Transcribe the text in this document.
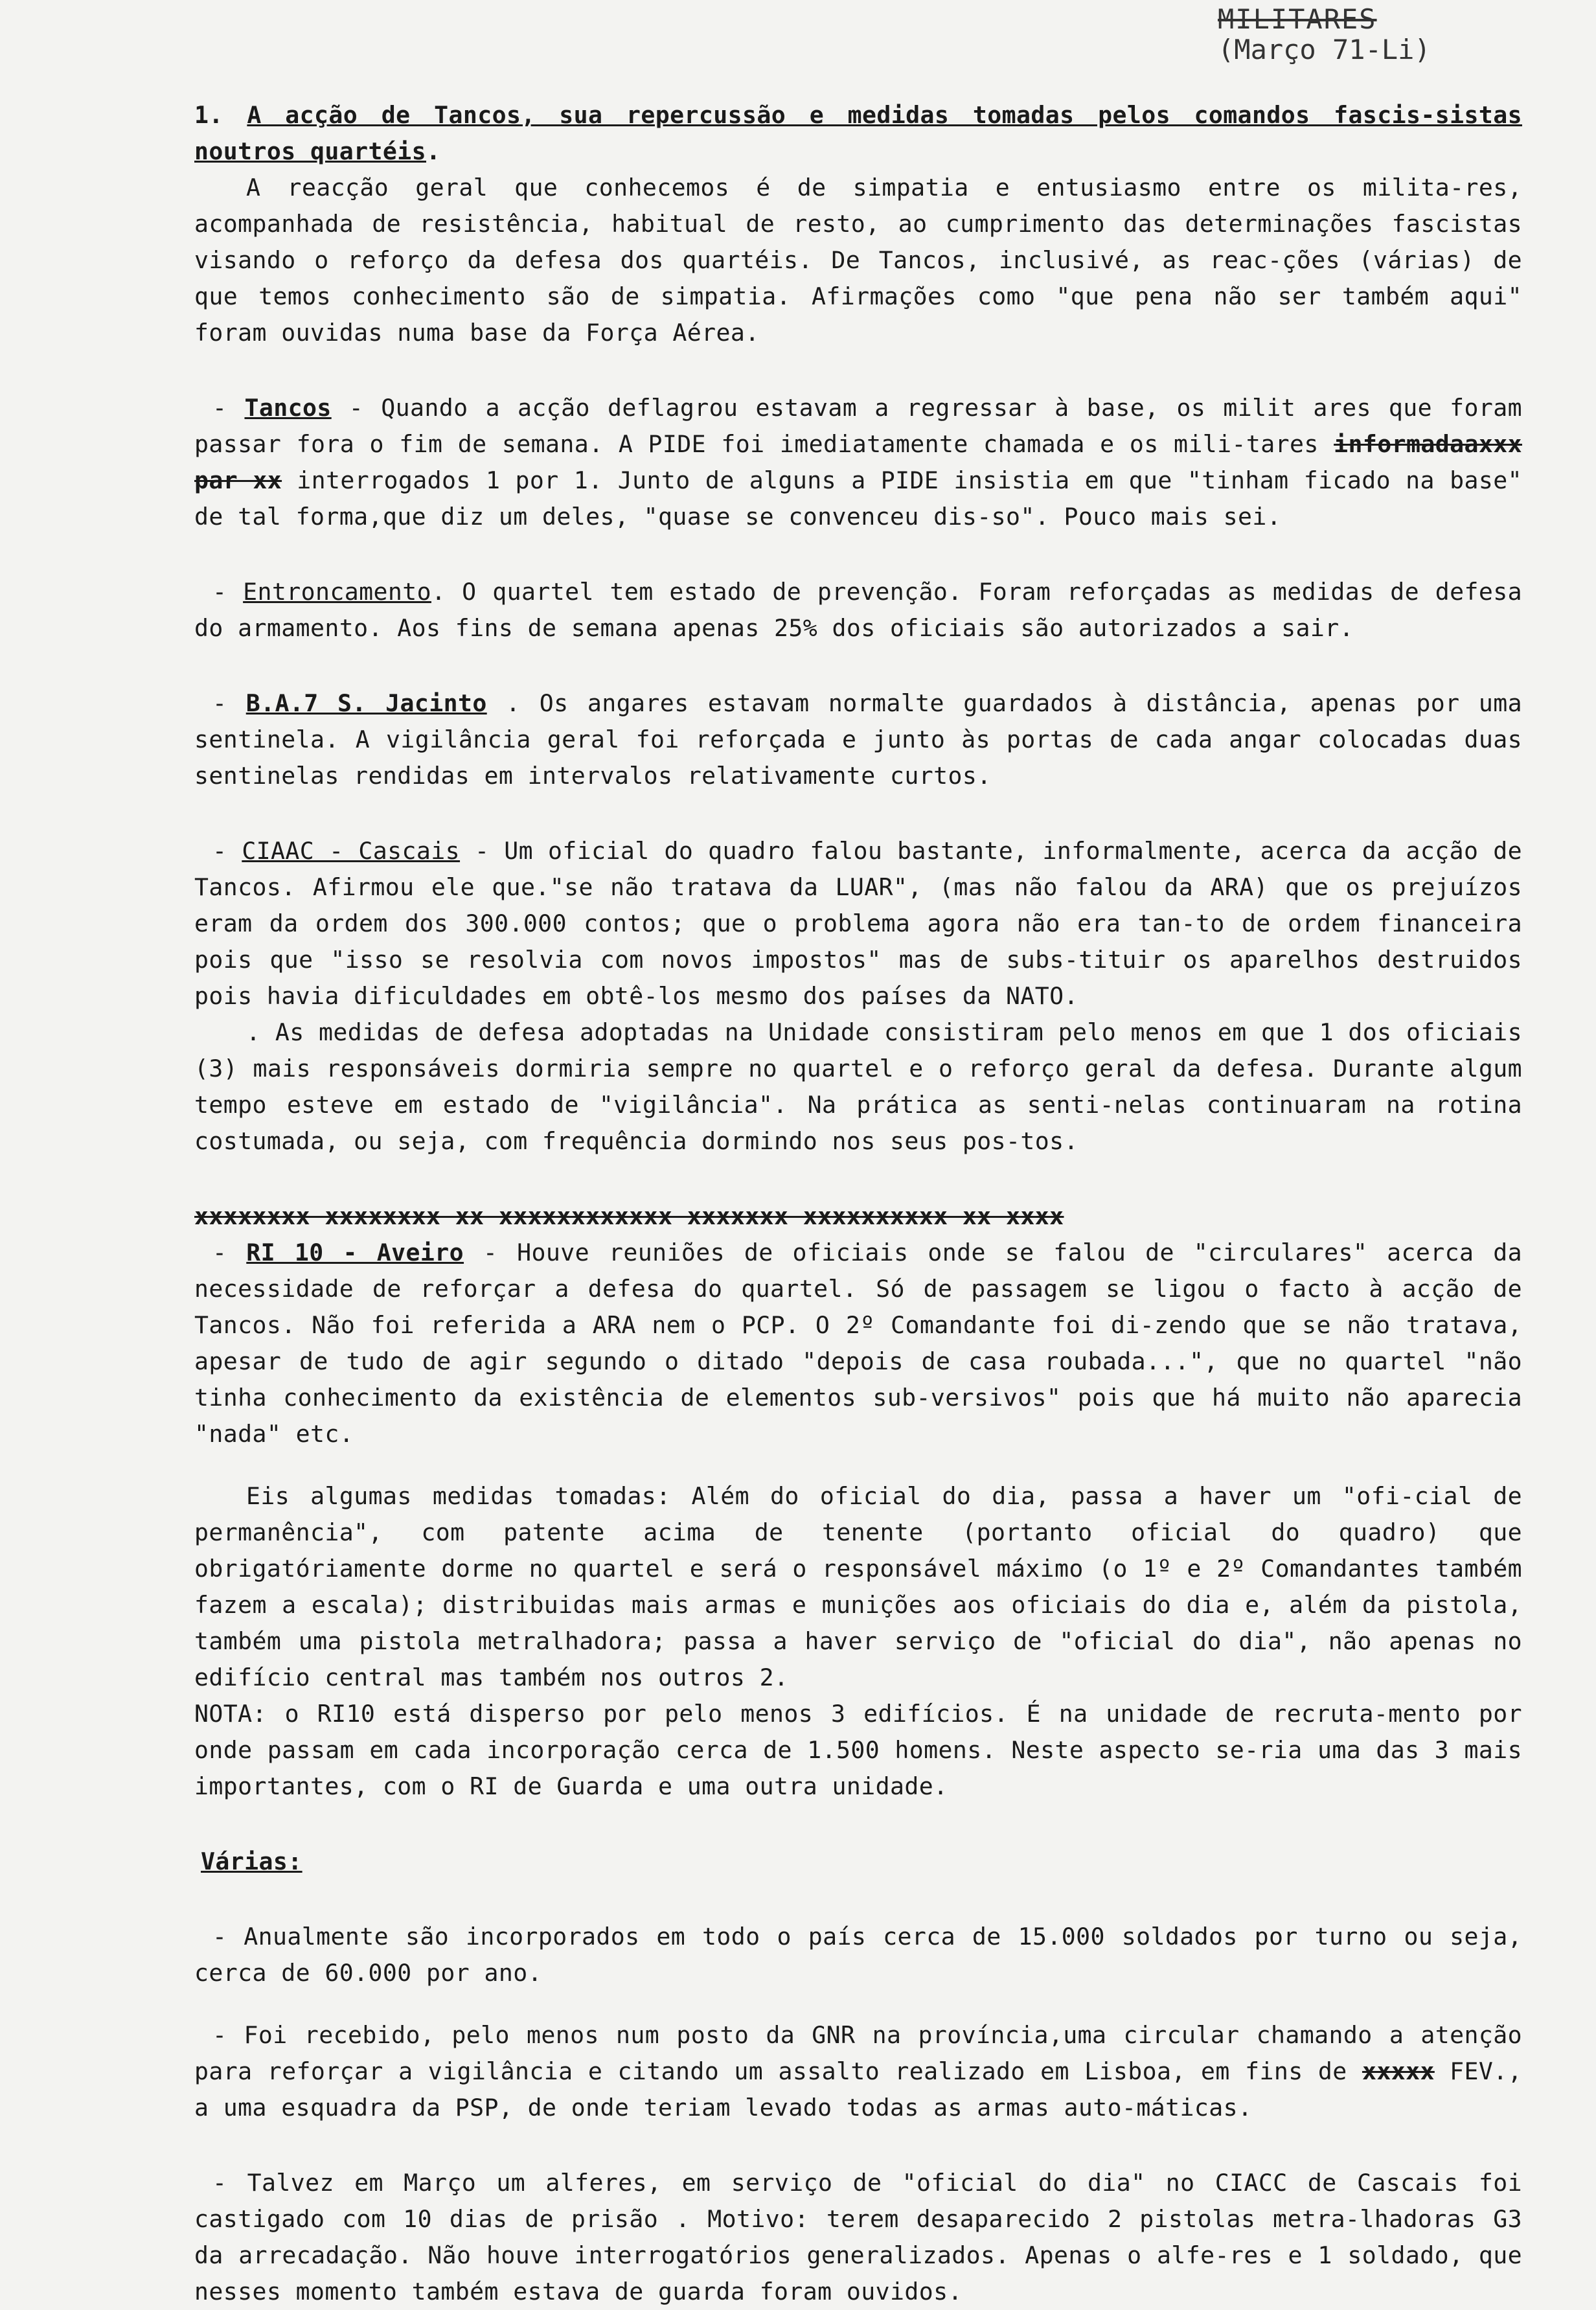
MILITARES
(Março 71-Li)

1. A acção de Tancos, sua repercussão e medidas tomadas pelos comandos fascis-sistas noutros quartéis.

A reacção geral que conhecemos é de simpatia e entusiasmo entre os milita-res, acompanhada de resistência, habitual de resto, ao cumprimento das determinações fascistas visando o reforço da defesa dos quartéis. De Tancos, inclusivé, as reac-ções (várias) de que temos conhecimento são de simpatia. Afirmações como "que pena não ser também aqui" foram ouvidas numa base da Força Aérea.

- Tancos - Quando a acção deflagrou estavam a regressar à base, os milit ares que foram passar fora o fim de semana. A PIDE foi imediatamente chamada e os mili-tares informadaaxxx par xx interrogados 1 por 1. Junto de alguns a PIDE insistia em que "tinham ficado na base" de tal forma,que diz um deles, "quase se convenceu dis-so". Pouco mais sei.

- Entroncamento. O quartel tem estado de prevenção. Foram reforçadas as medidas de defesa do armamento. Aos fins de semana apenas 25% dos oficiais são autorizados a sair.

- B.A.7 S. Jacinto . Os angares estavam normalte guardados à distância, apenas por uma sentinela. A vigilância geral foi reforçada e junto às portas de cada angar colocadas duas sentinelas rendidas em intervalos relativamente curtos.

- CIAAC - Cascais - Um oficial do quadro falou bastante, informalmente, acerca da acção de Tancos. Afirmou ele que."se não tratava da LUAR", (mas não falou da ARA) que os prejuízos eram da ordem dos 300.000 contos; que o problema agora não era tan-to de ordem financeira pois que "isso se resolvia com novos impostos" mas de subs-tituir os aparelhos destruidos pois havia dificuldades em obtê-los mesmo dos países da NATO.

. As medidas de defesa adoptadas na Unidade consistiram pelo menos em que 1 dos oficiais (3) mais responsáveis dormiria sempre no quartel e o reforço geral da defesa. Durante algum tempo esteve em estado de "vigilância". Na prática as senti-nelas continuaram na rotina costumada, ou seja, com frequência dormindo nos seus pos-tos.

xxxxxxxx xxxxxxxx xx xxxxxxxxxxxx xxxxxxx xxxxxxxxxx xx xxxx

- RI 10 - Aveiro - Houve reuniões de oficiais onde se falou de "circulares" acerca da necessidade de reforçar a defesa do quartel. Só de passagem se ligou o facto à acção de Tancos. Não foi referida a ARA nem o PCP. O 2º Comandante foi di-zendo que se não tratava, apesar de tudo de agir segundo o ditado "depois de casa roubada...", que no quartel "não tinha conhecimento da existência de elementos sub-versivos" pois que há muito não aparecia "nada" etc.

Eis algumas medidas tomadas: Além do oficial do dia, passa a haver um "ofi-cial de permanência", com patente acima de tenente (portanto oficial do quadro) que obrigatóriamente dorme no quartel e será o responsável máximo (o 1º e 2º Comandantes também fazem a escala); distribuidas mais armas e munições aos oficiais do dia e, além da pistola, também uma pistola metralhadora; passa a haver serviço de "oficial do dia", não apenas no edifício central mas também nos outros 2.

NOTA: o RI10 está disperso por pelo menos 3 edifícios. É na unidade de recruta-mento por onde passam em cada incorporação cerca de 1.500 homens. Neste aspecto se-ria uma das 3 mais importantes, com o RI de Guarda e uma outra unidade.

Várias:

- Anualmente são incorporados em todo o país cerca de 15.000 soldados por turno ou seja, cerca de 60.000 por ano.

- Foi recebido, pelo menos num posto da GNR na província,uma circular chamando a atenção para reforçar a vigilância e citando um assalto realizado em Lisboa, em fins de xxxxx FEV., a uma esquadra da PSP, de onde teriam levado todas as armas auto-máticas.

- Talvez em Março um alferes, em serviço de "oficial do dia" no CIACC de Cascais foi castigado com 10 dias de prisão . Motivo: terem desaparecido 2 pistolas metra-lhadoras G3 da arrecadação. Não houve interrogatórios generalizados. Apenas o alfe-res e 1 soldado, que nesses momento também estava de guarda foram ouvidos.
